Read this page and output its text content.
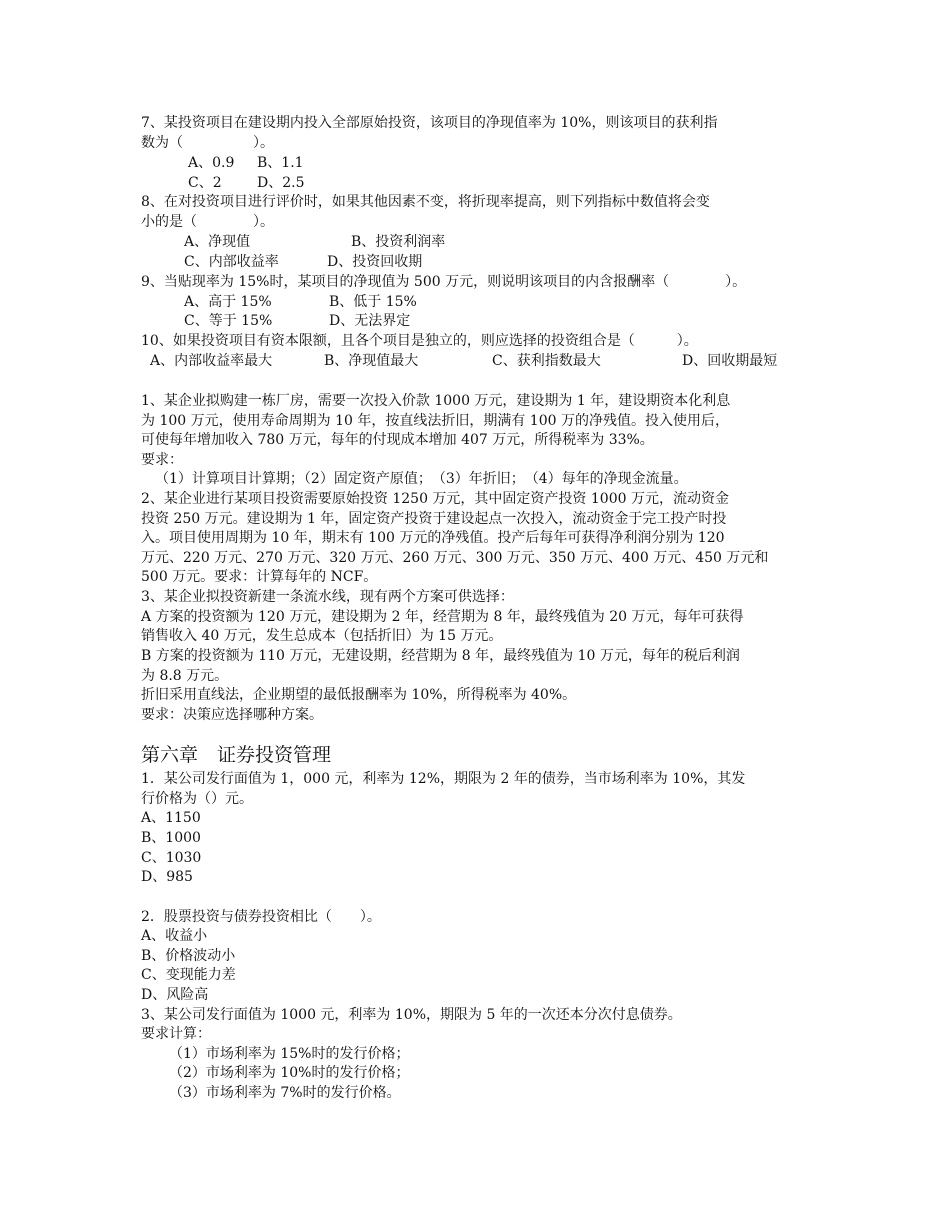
7、某投资项目在建设期内投入全部原始投资，该项目的净现值率为 10%，则该项目的获利指
数为（　　　　　）。
A、0.9 B、1.1
C、2	D、2.5
8、在对投资项目进行评价时，如果其他因素不变，将折现率提高，则下列指标中数值将会变
小的是（　　　　）。
A、净现值	B、投资利润率
C、内部收益率	D、投资回收期
9、当贴现率为 15%时，某项目的净现值为 500 万元，则说明该项目的内含报酬率（　　　　）。
A、高于 15%	B、低于 15%
C、等于 15%	D、无法界定
10、如果投资项目有资本限额，且各个项目是独立的，则应选择的投资组合是（　　　）。
A、内部收益率最大	B、净现值最大	C、获利指数最大	D、回收期最短
1、某企业拟购建一栋厂房，需要一次投入价款 1000 万元，建设期为 1 年，建设期资本化利息
为 100 万元，使用寿命周期为 10 年，按直线法折旧，期满有 100 万的净残值。投入使用后，
可使每年增加收入 780 万元，每年的付现成本增加 407 万元，所得税率为 33%。
要求：
（1）计算项目计算期；（2）固定资产原值；　（3）年折旧；　（4）每年的净现金流量。
2、某企业进行某项目投资需要原始投资 1250 万元，其中固定资产投资 1000 万元，流动资金
投资 250 万元。建设期为 1 年，固定资产投资于建设起点一次投入，流动资金于完工投产时投
入。项目使用周期为 10 年，期末有 100 万元的净残值。投产后每年可获得净利润分别为 120
万元、220 万元、270 万元、320 万元、260 万元、300 万元、350 万元、400 万元、450 万元和
500 万元。要求：计算每年的 NCF。
3、某企业拟投资新建一条流水线，现有两个方案可供选择：
A 方案的投资额为 120 万元，建设期为 2 年，经营期为 8 年，最终残值为 20 万元，每年可获得
销售收入 40 万元，发生总成本（包括折旧）为 15 万元。
B 方案的投资额为 110 万元，无建设期，经营期为 8 年，最终残值为 10 万元，每年的税后利润
为 8.8 万元。
折旧采用直线法，企业期望的最低报酬率为 10%，所得税率为 40%。
要求：决策应选择哪种方案。
第六章　证券投资管理
1．某公司发行面值为 1，000 元，利率为 12%，期限为 2 年的债券，当市场利率为 10%，其发
行价格为（）元。
A、1150
B、1000
C、1030
D、985
2．股票投资与债券投资相比（　　）。
A、收益小
B、价格波动小
C、变现能力差
D、风险高
3、某公司发行面值为 1000 元，利率为 10%，期限为 5 年的一次还本分次付息债券。
要求计算：
（1）市场利率为 15%时的发行价格；
（2）市场利率为 10%时的发行价格；
（3）市场利率为 7%时的发行价格。
